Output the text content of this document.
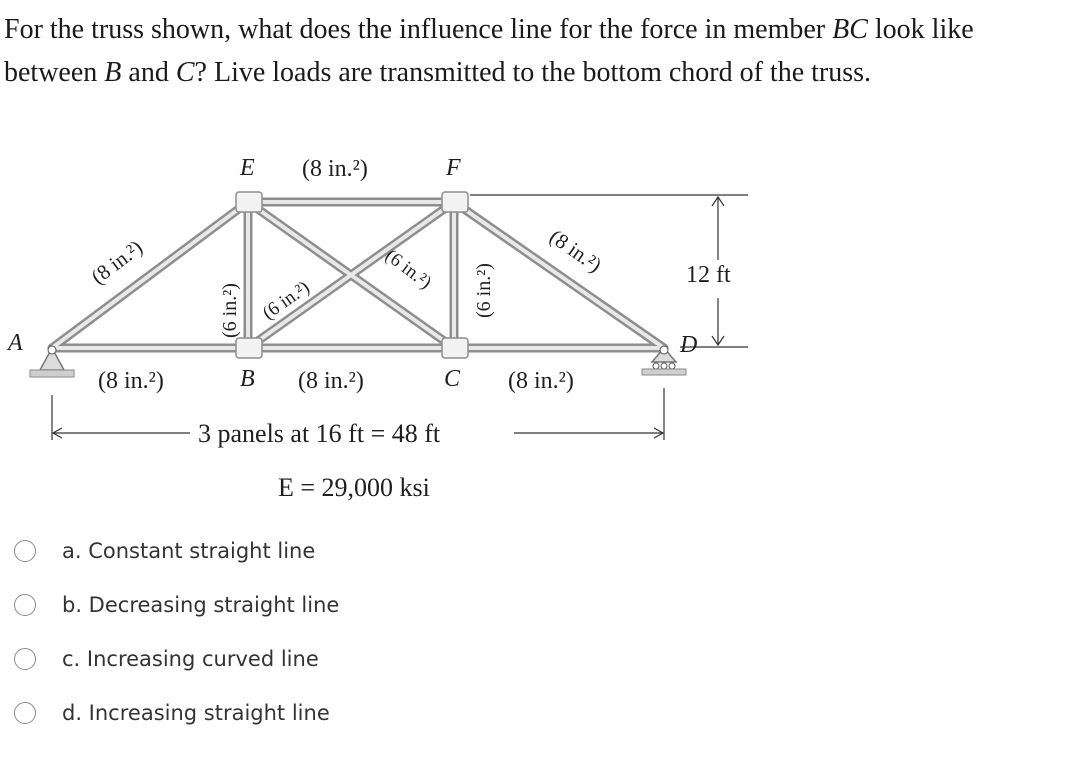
For the truss shown, what does the influence line for the force in member BC look like
between B and C? Live loads are transmitted to the bottom chord of the truss.
E	F
A	D
B	C
(8 in.²)
(8 in.²)	(8 in.²)	(8 in.²)
(8 in.²)	(8 in.²)
(6 in.²)	(6 in.²)
(6 in.²)
(6 in.²)	12 ft
3 panels at 16 ft = 48 ft
E = 29,000 ksi
a. Constant straight line
b. Decreasing straight line
c. Increasing curved line
d. Increasing straight line
